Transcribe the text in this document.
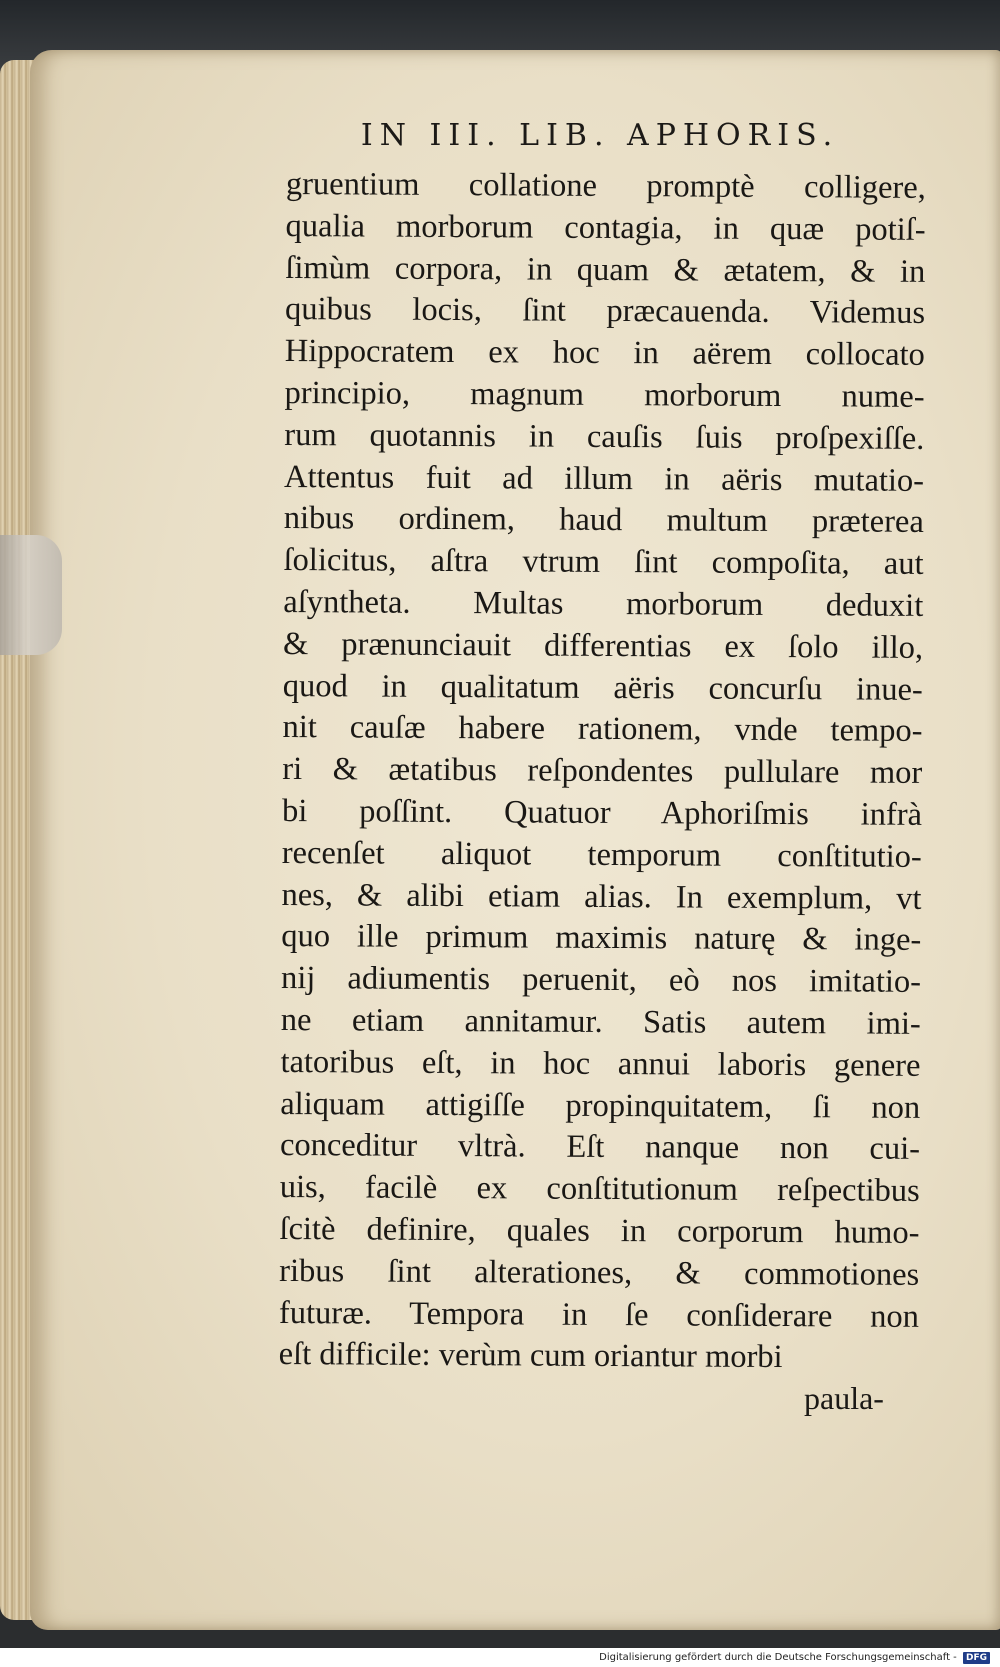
IN III. LIB. APHORIS.
gruentium collatione promptè colligere,
qualia morborum contagia, in quæ potiſ-
ſimùm corpora, in quam & ætatem, & in
quibus locis, ſint præcauenda. Videmus
Hippocratem ex hoc in aërem collocato
principio, magnum morborum nume-
rum quotannis in cauſis ſuis proſpexiſſe.
Attentus fuit ad illum in aëris mutatio-
nibus ordinem, haud multum præterea
ſolicitus, aſtra vtrum ſint compoſita, aut
aſyntheta. Multas morborum deduxit
& prænunciauit differentias ex ſolo illo,
quod in qualitatum aëris concurſu inue-
nit cauſæ habere rationem, vnde tempo-
ri & ætatibus reſpondentes pullulare mor
bi poſſint. Quatuor Aphoriſmis infrà
recenſet aliquot temporum conſtitutio-
nes, & alibi etiam alias. In exemplum, vt
quo ille primum maximis naturę & inge-
nij adiumentis peruenit, eò nos imitatio-
ne etiam annitamur. Satis autem imi-
tatoribus eſt, in hoc annui laboris genere
aliquam attigiſſe propinquitatem, ſi non
conceditur vltrà. Eſt nanque non cui-
uis, facilè ex conſtitutionum reſpectibus
ſcitè definire, quales in corporum humo-
ribus ſint alterationes, & commotiones
futuræ. Tempora in ſe conſiderare non
eſt difficile: verùm cum oriantur morbi
paula-
Digitalisierung gefördert durch die Deutsche Forschungsgemeinschaft - DFG
